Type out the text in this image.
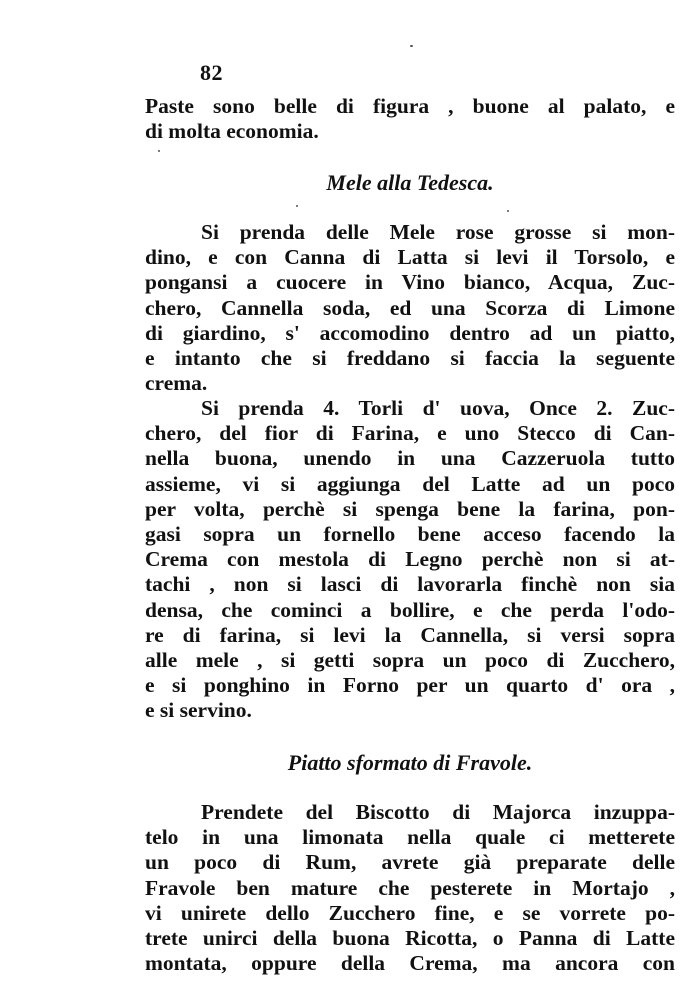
82
Paste sono belle di figura , buone al palato, e
di molta economia.
Mele alla Tedesca.
Si prenda delle Mele rose grosse si mon-
dino, e con Canna di Latta si levi il Torsolo, e
pongansi a cuocere in Vino bianco, Acqua, Zuc-
chero, Cannella soda, ed una Scorza di Limone
di giardino, s' accomodino dentro ad un piatto,
e intanto che si freddano si faccia la seguente
crema.
Si prenda 4. Torli d' uova, Once 2. Zuc-
chero, del fior di Farina, e uno Stecco di Can-
nella buona, unendo in una Cazzeruola tutto
assieme, vi si aggiunga del Latte ad un poco
per volta, perchè si spenga bene la farina, pon-
gasi sopra un fornello bene acceso facendo la
Crema con mestola di Legno perchè non si at-
tachi , non si lasci di lavorarla finchè non sia
densa, che cominci a bollire, e che perda l'odo-
re di farina, si levi la Cannella, si versi sopra
alle mele , si getti sopra un poco di Zucchero,
e si ponghino in Forno per un quarto d' ora ,
e si servino.
Piatto sformato di Fravole.
Prendete del Biscotto di Majorca inzuppa-
telo in una limonata nella quale ci metterete
un poco di Rum, avrete già preparate delle
Fravole ben mature che pesterete in Mortajo ,
vi unirete dello Zucchero fine, e se vorrete po-
trete unirci della buona Ricotta, o Panna di Latte
montata, oppure della Crema, ma ancora con
